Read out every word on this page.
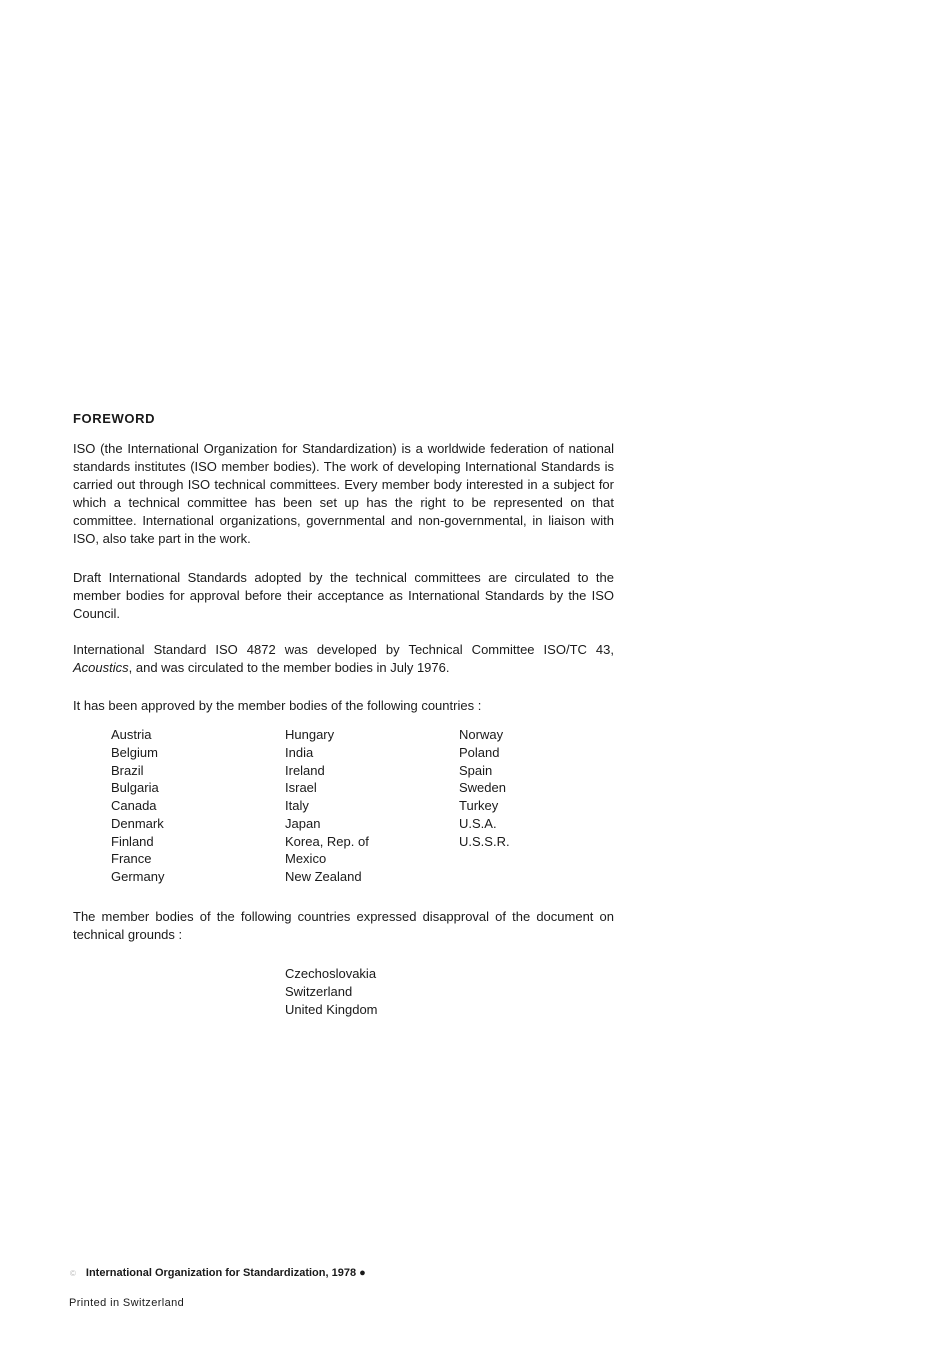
FOREWORD

ISO (the International Organization for Standardization) is a worldwide federation of national standards institutes (ISO member bodies). The work of developing International Standards is carried out through ISO technical committees. Every member body interested in a subject for which a technical committee has been set up has the right to be represented on that committee. International organizations, governmental and non-governmental, in liaison with ISO, also take part in the work.

Draft International Standards adopted by the technical committees are circulated to the member bodies for approval before their acceptance as International Standards by the ISO Council.

International Standard ISO 4872 was developed by Technical Committee ISO/TC 43, Acoustics, and was circulated to the member bodies in July 1976.

It has been approved by the member bodies of the following countries :

Austria
Belgium
Brazil
Bulgaria
Canada
Denmark
Finland
France
Germany
Hungary
India
Ireland
Israel
Italy
Japan
Korea, Rep. of
Mexico
New Zealand
Norway
Poland
Spain
Sweden
Turkey
U.S.A.
U.S.S.R.

The member bodies of the following countries expressed disapproval of the document on technical grounds :

Czechoslovakia
Switzerland
United Kingdom
© International Organization for Standardization, 1978 ●
Printed in Switzerland
